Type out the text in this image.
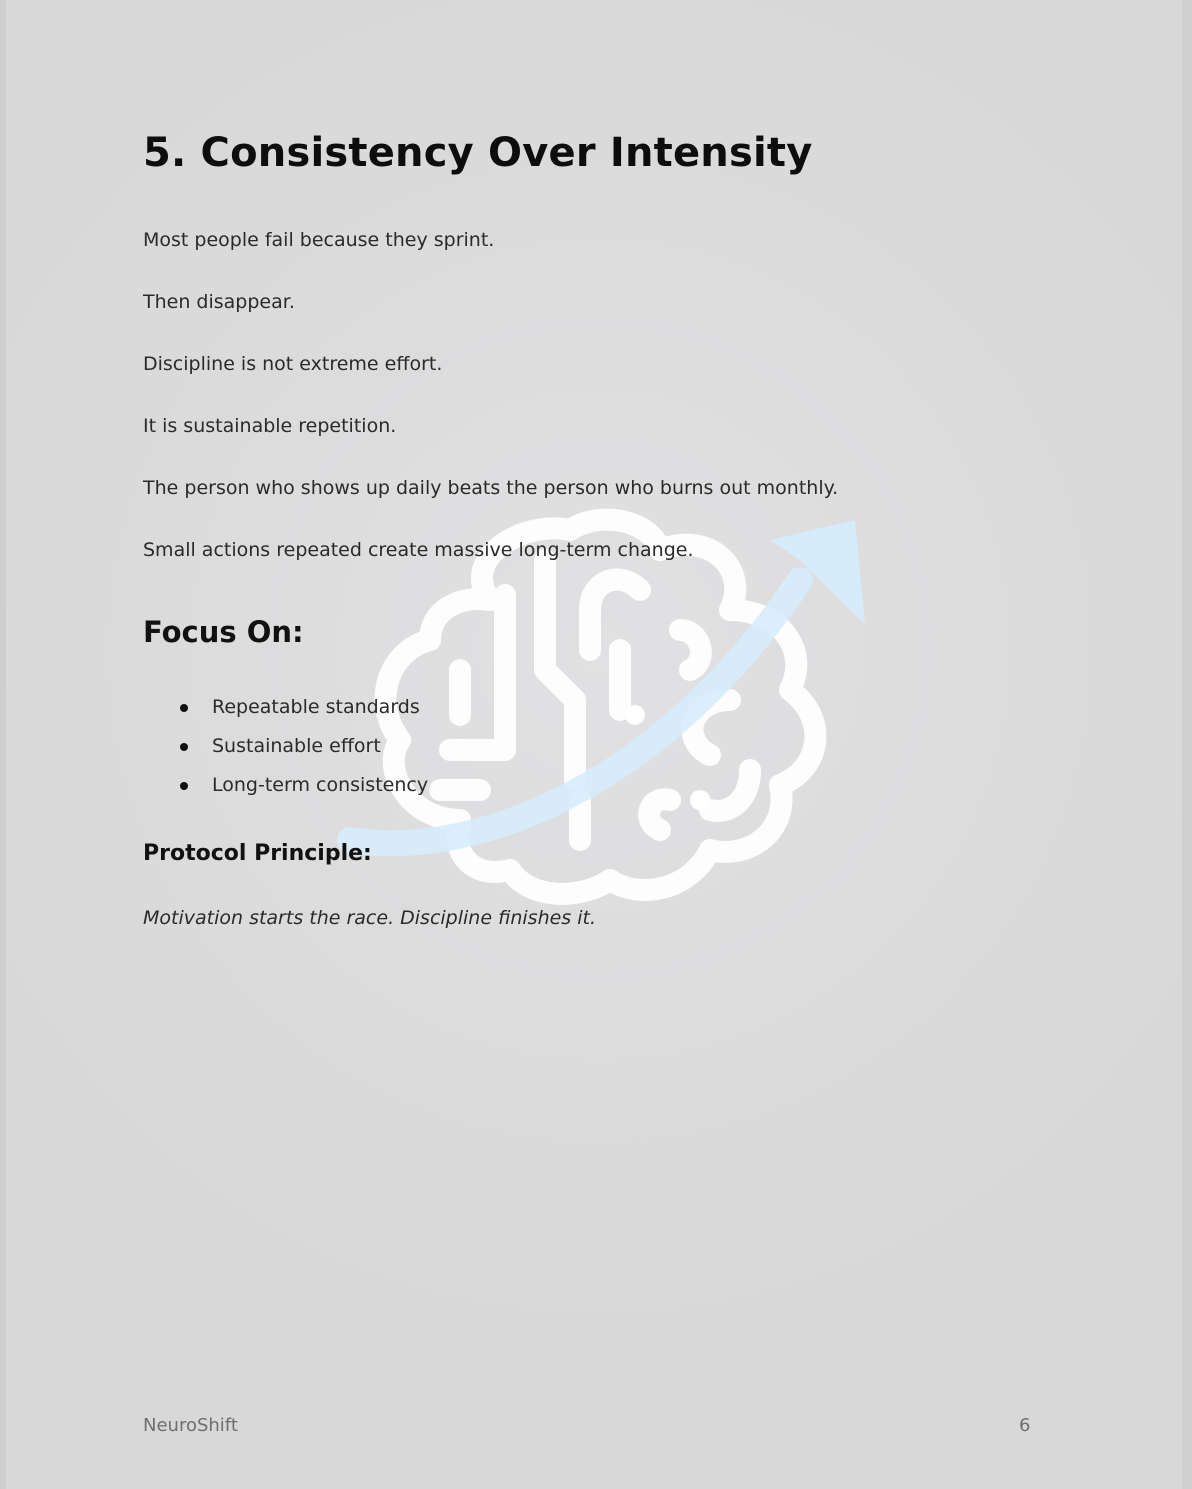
5. Consistency Over Intensity

Most people fail because they sprint.

Then disappear.

Discipline is not extreme effort.

It is sustainable repetition.

The person who shows up daily beats the person who burns out monthly.

Small actions repeated create massive long-term change.

Focus On:
Repeatable standards
Sustainable effort
Long-term consistency
Protocol Principle:

Motivation starts the race. Discipline finishes it.

NeuroShift	6
